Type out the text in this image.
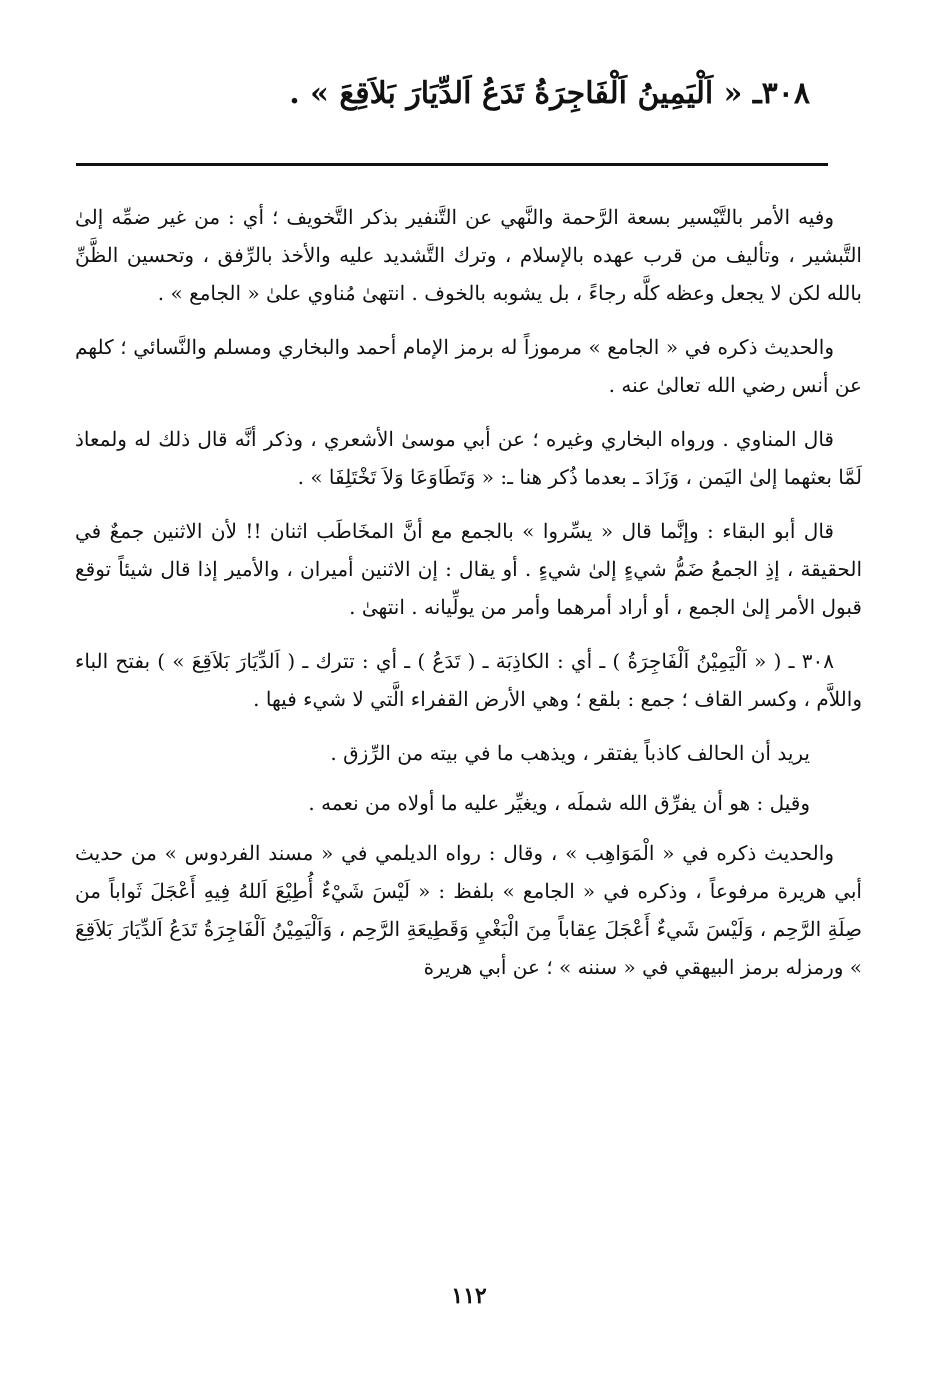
٣٠٨ـ « اَلْيَمِينُ اَلْفَاجِرَةُ تَدَعُ اَلدِّيَارَ بَلاَقِعَ » .

وفيه الأمر بالتَّيْسير بسعة الرَّحمة والنَّهي عن التَّنفير بذكر التَّخويف ؛ أي : من غير ضمِّه إلىٰ التَّبشير ، وتأليف من قرب عهده بالإسلام ، وترك التَّشديد عليه والأخذ بالرِّفق ، وتحسين الظَّنِّ بالله لكن لا يجعل وعظه كلَّه رجاءً ، بل يشوبه بالخوف . انتهىٰ مُناوي علىٰ « الجامع » .

والحديث ذكره في « الجامع » مرموزاً له برمز الإمام أحمد والبخاري ومسلم والنَّسائي ؛ كلهم عن أنس رضي الله تعالىٰ عنه .

قال المناوي . ورواه البخاري وغيره ؛ عن أبي موسىٰ الأشعري ، وذكر أنَّه قال ذلك له ولمعاذ لَمَّا بعثهما إلىٰ اليَمن ، وَزَادَ ـ بعدما ذُكر هنا ـ: « وَتَطَاوَعَا وَلاَ تَخْتَلِفَا » .

قال أبو البقاء : وإنَّما قال « يسِّروا » بالجمع مع أنَّ المخَاطَب اثنان !! لأن الاثنين جمعٌ في الحقيقة ، إذِ الجمعُ ضَمُّ شيءٍ إلىٰ شيءٍ . أو يقال : إن الاثنين أميران ، والأمير إذا قال شيئاً توقع قبول الأمر إلىٰ الجمع ، أو أراد أمرهما وأمر من يولِّيانه . انتهىٰ .

٣٠٨ ـ ( « اَلْيَمِيْنُ اَلْفَاجِرَةُ ) ـ أي : الكاذِبَة ـ ( تَدَعُ ) ـ أي : تترك ـ ( اَلدِّيَارَ بَلاَقِعَ » ) بفتح الباء واللاَّم ، وكسر القاف ؛ جمع : بلقع ؛ وهي الأرض القفراء الَّتي لا شيء فيها .

يريد أن الحالف كاذباً يفتقر ، ويذهب ما في بيته من الرِّزق .

وقيل : هو أن يفرِّق الله شملَه ، ويغيِّر عليه ما أولاه من نعمه .

والحديث ذكره في « الْمَوَاهِب » ، وقال : رواه الديلمي في « مسند الفردوس » من حديث أبي هريرة مرفوعاً ، وذكره في « الجامع » بلفظ : « لَيْسَ شَيْءٌ أُطِيْعَ اَللهُ فِيهِ أَعْجَلَ ثَواباً من صِلَةِ الرَّحِم ، وَلَيْسَ شَيءٌ أَعْجَلَ عِقاباً مِنَ الْبَغْيِ وَقَطِيعَةِ الرَّحِم ، وَاَلْيَمِيْنُ اَلْفَاجِرَةُ تَدَعُ اَلدِّيَارَ بَلاَقِعَ » ورمزله برمز البيهقي في « سننه » ؛ عن أبي هريرة

١١٢
